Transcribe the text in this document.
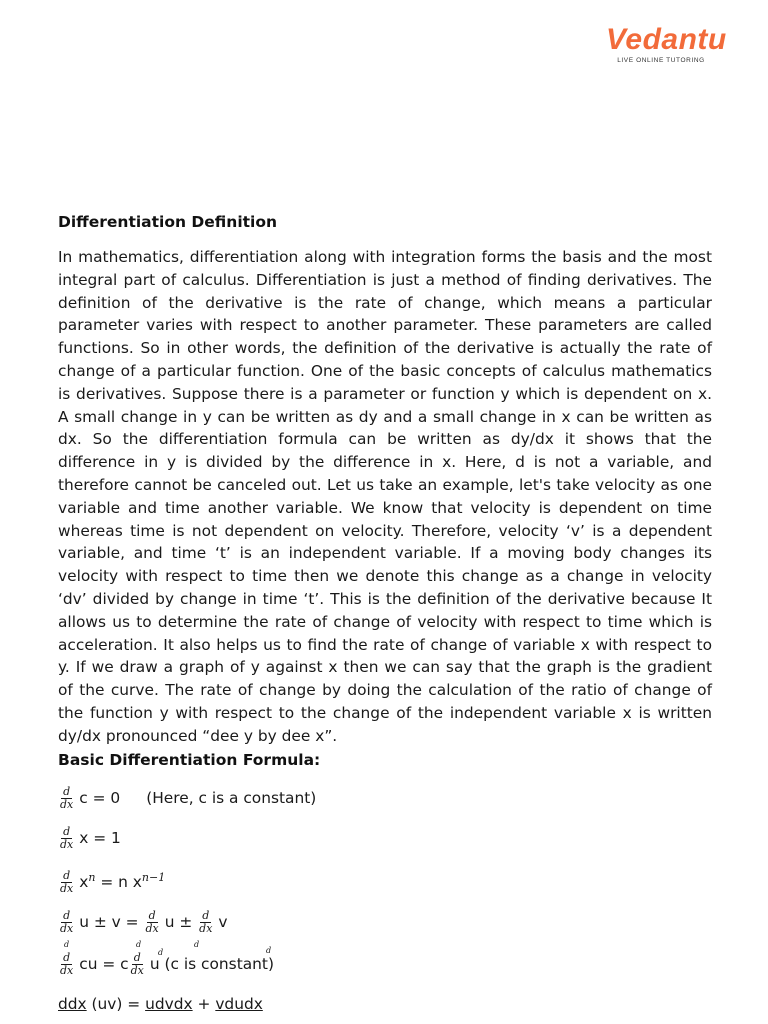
Vedantu
LIVE ONLINE TUTORING
Differentiation Definition
In mathematics, differentiation along with integration forms the basis and the most integral part of calculus. Differentiation is just a method of finding derivatives. The definition of the derivative is the rate of change, which means a particular parameter varies with respect to another parameter. These parameters are called functions. So in other words, the definition of the derivative is actually the rate of change of a particular function. One of the basic concepts of calculus mathematics is derivatives. Suppose there is a parameter or function y which is dependent on x. A small change in y can be written as dy and a small change in x can be written as dx. So the differentiation formula can be written as dy/dx it shows that the difference in y is divided by the difference in x. Here, d is not a variable, and therefore cannot be canceled out. Let us take an example, let's take velocity as one variable and time another variable. We know that velocity is dependent on time whereas time is not dependent on velocity. Therefore, velocity ‘v’ is a dependent variable, and time ‘t’ is an independent variable. If a moving body changes its velocity with respect to time then we denote this change as a change in velocity ‘dv’ divided by change in time ‘t’. This is the definition of the derivative because It allows us to determine the rate of change of velocity with respect to time which is acceleration. It also helps us to find the rate of change of variable x with respect to y. If we draw a graph of y against x then we can say that the graph is the gradient of the curve. The rate of change by doing the calculation of the ratio of change of the function y with respect to the change of the independent variable x is written dy/dx pronounced “dee y by dee x”.
Basic Differentiation Formula:
$\frac{d}{dx}$ c = 0 (Here, c is a constant)
$\frac{d}{dx}$ x = 1
$\frac{d}{dx} x^n = n$ $x^{n-1}$
$\frac{d}{dx}$ $u \pm v = \frac{d}{dx}$ $u \pm \frac{d}{dx}$ v
$\frac{d}{dx}$ cu = c $\frac{d}{dx}$ u (c is constant)
d	d
d
d
d
ddx (uv) = udvdx + vdudx
